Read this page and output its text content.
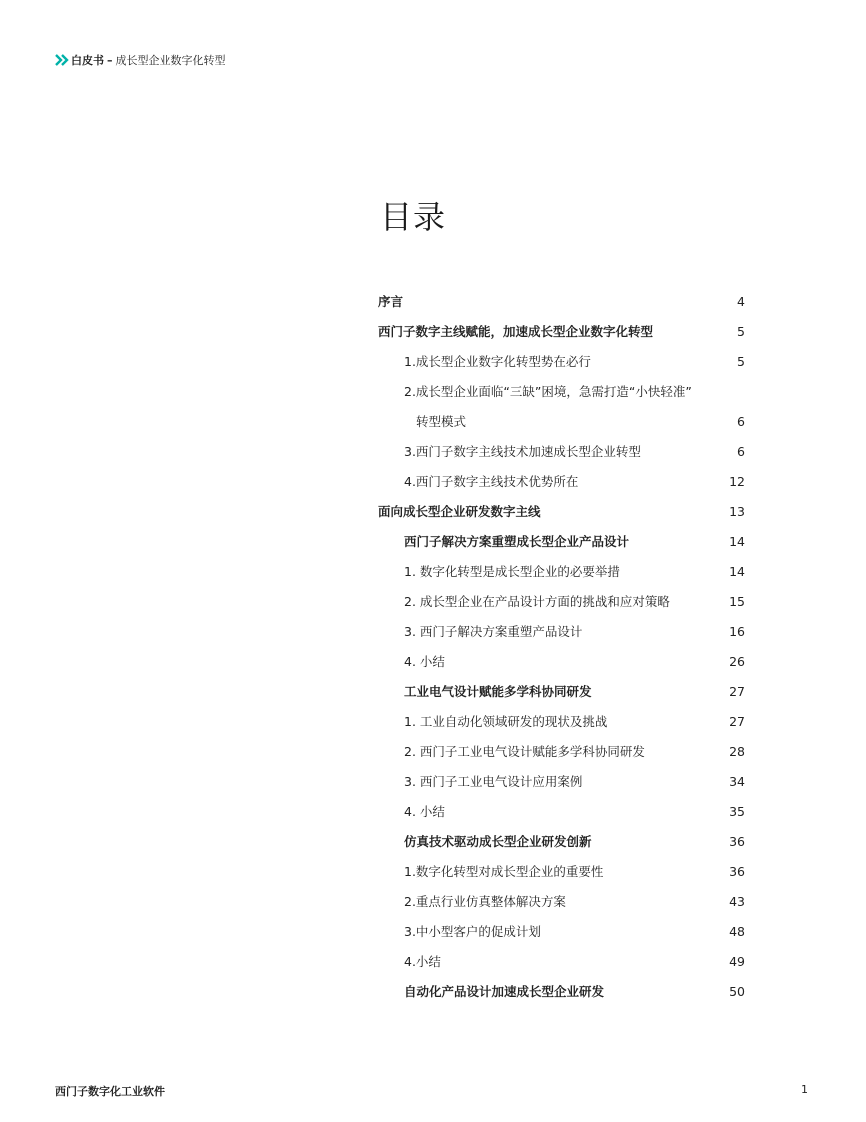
白皮书 – 成长型企业数字化转型
目录
序言	4
西门子数字主线赋能，加速成长型企业数字化转型	5
1.成长型企业数字化转型势在必行	5
2.成长型企业面临“三缺”困境，急需打造“小快轻准”
转型模式	6
3.西门子数字主线技术加速成长型企业转型	6
4.西门子数字主线技术优势所在	12
面向成长型企业研发数字主线	13
西门子解决方案重塑成长型企业产品设计	14
1. 数字化转型是成长型企业的必要举措	14
2. 成长型企业在产品设计方面的挑战和应对策略	15
3. 西门子解决方案重塑产品设计	16
4. 小结	26
工业电气设计赋能多学科协同研发	27
1. 工业自动化领域研发的现状及挑战	27
2. 西门子工业电气设计赋能多学科协同研发	28
3. 西门子工业电气设计应用案例	34
4. 小结	35
仿真技术驱动成长型企业研发创新	36
1.数字化转型对成长型企业的重要性	36
2.重点行业仿真整体解决方案	43
3.中小型客户的促成计划	48
4.小结	49
自动化产品设计加速成长型企业研发	50
西门子数字化工业软件	1
